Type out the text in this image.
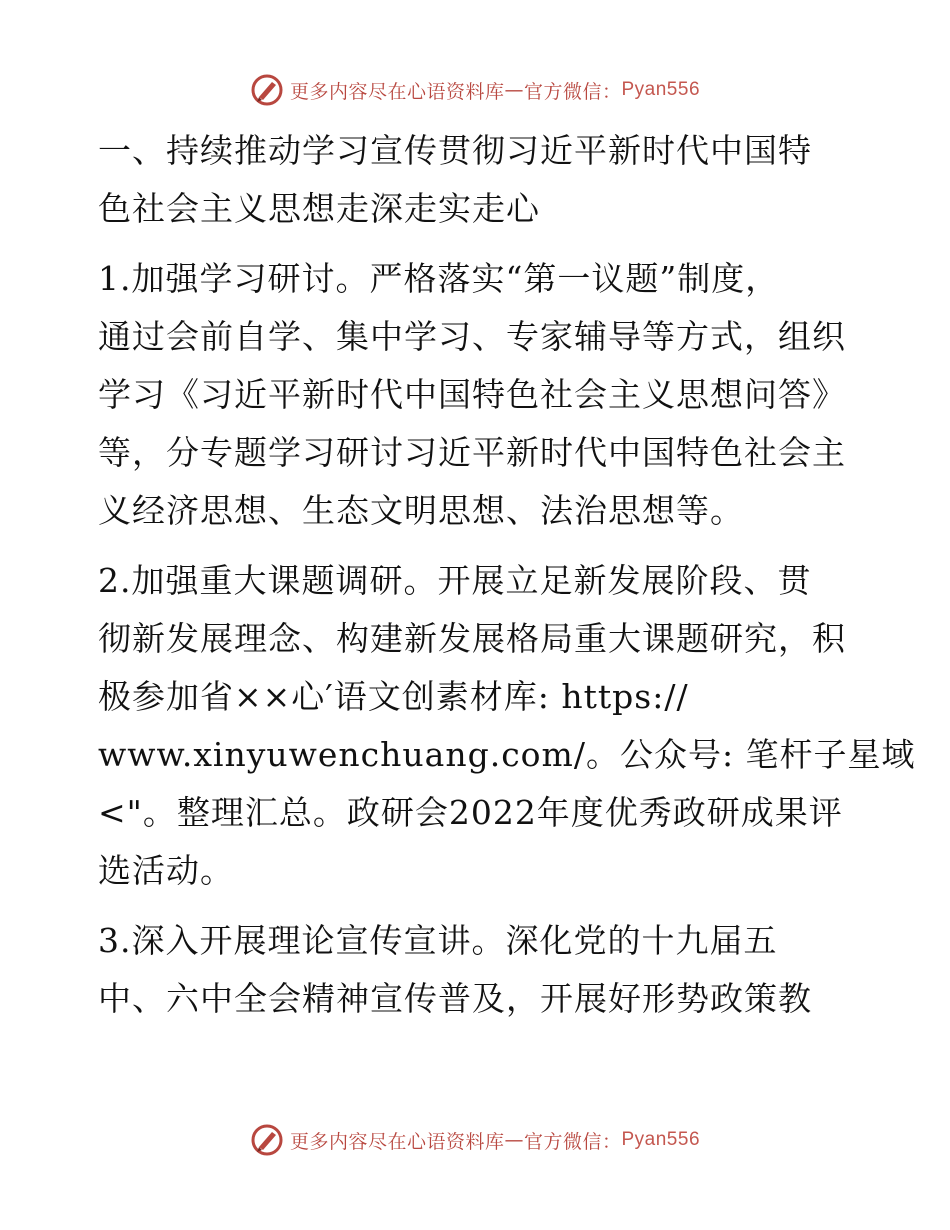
更多内容尽在心语资料库 — 官方微信： Pyan556
一、持续推动学习宣传贯彻习近平新时代中国特
色社会主义思想走深走实走心
1.加强学习研讨。严格落实“第一议题”制度，
通过会前自学、集中学习、专家辅导等方式，组织
学习《习近平新时代中国特色社会主义思想问答》
等，分专题学习研讨习近平新时代中国特色社会主
义经济思想、生态文明思想、法治思想等。
2.加强重大课题调研。开展立足新发展阶段、贯
彻新发展理念、构建新发展格局重大课题研究，积
极参加省××心′语文创素材库: https://
www.xinyuwenchuang.com/。公众号: 笔杆子星域
<"。整理汇总。政研会2022年度优秀政研成果评
选活动。
3.深入开展理论宣传宣讲。深化党的十九届五
中、六中全会精神宣传普及，开展好形势政策教
更多内容尽在心语资料库 — 官方微信： Pyan556
